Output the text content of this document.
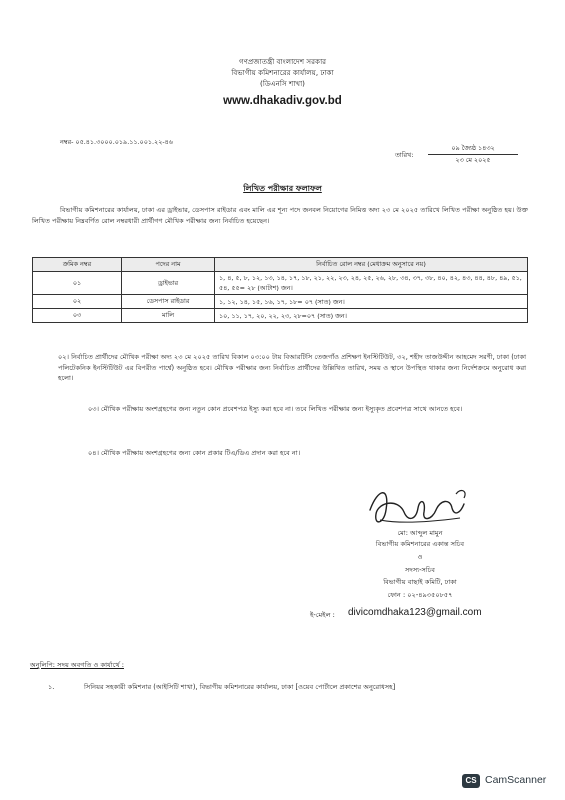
গণপ্রজাতন্ত্রী বাংলাদেশ সরকার
বিভাগীয় কমিশনারের কার্যালয়, ঢাকা
(ডিএনসি শাখা)
www.dhakadiv.gov.bd
নম্বর- ০৫.৪১.৩০০০.০১৯.১১.০০১.২২-৪৬
তারিখ:
০৯ জ্যৈষ্ঠ ১৪৩২
২৩ মে ২০২৫
লিখিত পরীক্ষার ফলাফল
বিভাগীয় কমিশনারের কার্যালয়, ঢাকা এর ড্রাইভার, ডেসপাস রাইডার এবং মালি এর শূন্য পদে জনবল নিয়োগের নিমিত্ত অদ্য ২৩ মে ২০২৫ তারিখে লিখিত পরীক্ষা অনুষ্ঠিত হয়। উক্ত লিখিত পরীক্ষায় নিম্নবর্ণিত রোল নম্বরধারী প্রার্থীগণ মৌখিক পরীক্ষার জন্য নির্বাচিত হয়েছেন।
ক্রমিক নম্বর	পদের নাম	নির্বাচিত রোল নম্বর (মেধাক্রম অনুসারে নয়)
০১	ড্রাইভার	১, ৪, ৫, ৮, ১২, ১৩, ১৪, ১৭, ১৮, ২১, ২২, ২৩, ২৪, ২৫, ২৬, ২৮, ৩৪, ৩৭, ৩৮, ৪০, ৪২, ৪৩, ৪৪, ৪৮, ৪৯, ৫১, ৫৪, ৫৫= ২৮ (আটাশ) জন।
০২	ডেসপাস রাইডার	১, ১২, ১৪, ১৫, ১৬, ১৭, ১৮= ০৭ (সাত) জন।
০৩	মালি	১০, ১১, ১৭, ২০, ২২, ২৩, ২৮=০৭ (সাত) জন।
০২। নির্বাচিত প্রার্থীদের মৌখিক পরীক্ষা অদ্য ২৩ মে ২০২৫ তারিখ বিকাল ০৩:০০ টায় বিআরটিসি তেজগাঁও প্রশিক্ষণ ইনস্টিটিউট, ৩২, শহীদ তাজউদ্দীন আহমেদ সরণী, ঢাকা (ঢাকা পলিটেকনিক ইনস্টিটিউট এর বিপরীত পার্শ্বে) অনুষ্ঠিত হবে। মৌখিক পরীক্ষার জন্য নির্বাচিত প্রার্থীদের উল্লিখিত তারিখ, সময় ও স্থানে উপস্থিত থাকার জন্য নির্দেশক্রমে অনুরোধ করা হলো।
০৩। মৌখিক পরীক্ষায় অংশগ্রহণের জন্য নতুন কোন প্রবেশপত্র ইস্যু করা হবে না। তবে লিখিত পরীক্ষার জন্য ইস্যুকৃত প্রবেশপত্র সাথে আনতে হবে।
০৪। মৌখিক পরীক্ষায় অংশগ্রহণের জন্য কোন প্রকার টিএ/ডিএ প্রদান করা হবে না।
মো: আব্দুল মামুন
বিভাগীয় কমিশনারের একান্ত সচিব
ও
সদস্য-সচিব
বিভাগীয় বাছাই কমিটি, ঢাকা
ফোন : ০২-৪৯৩৫০৮৫৭
ই-মেইল : divicomdhaka123@gmail.com
অনুলিপি: সদয় অবগতি ও কার্যার্থে :
১.	সিনিয়র সহকারী কমিশনার (আইসিটি শাখা), বিভাগীয় কমিশনারের কার্যালয়, ঢাকা [ওয়েব পোর্টালে প্রকাশের অনুরোধসহ]
CS CamScanner
